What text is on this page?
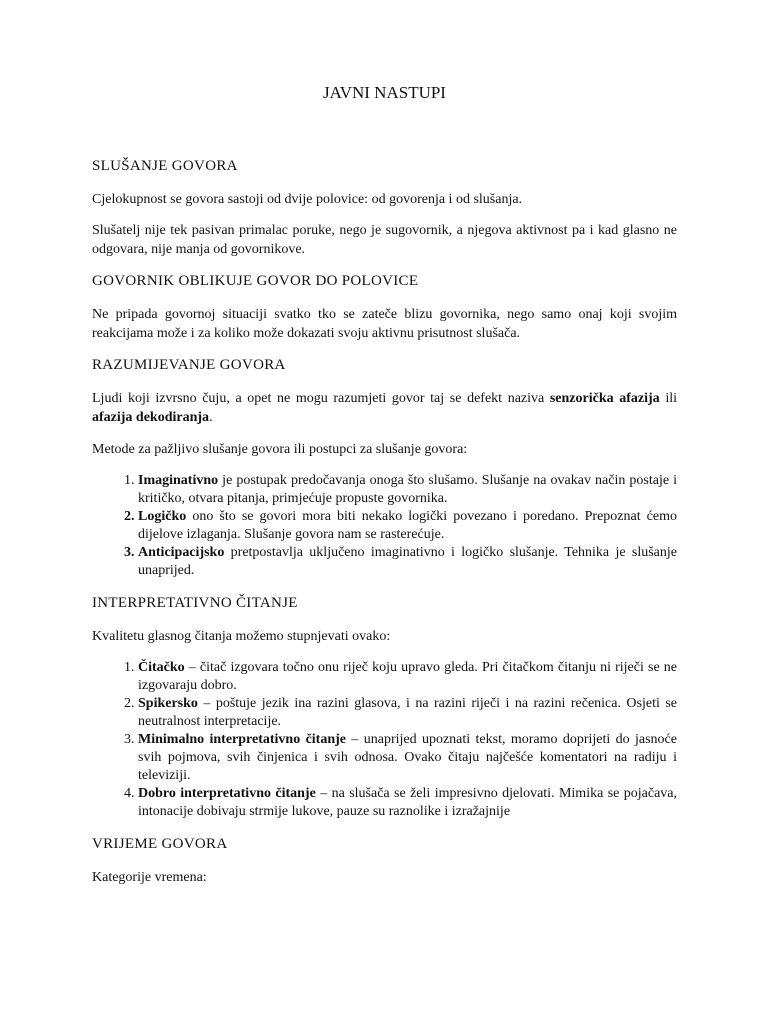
JAVNI NASTUPI
SLUŠANJE GOVORA

Cjelokupnost se govora sastoji od dvije polovice: od govorenja i od slušanja.

Slušatelj nije tek pasivan primalac poruke, nego je sugovornik, a njegova aktivnost pa i kad glasno ne odgovara, nije manja od govornikove.

GOVORNIK OBLIKUJE GOVOR DO POLOVICE

Ne pripada govornoj situaciji svatko tko se zateče blizu govornika, nego samo onaj koji svojim reakcijama može i za koliko može dokazati svoju aktivnu prisutnost slušača.

RAZUMIJEVANJE GOVORA

Ljudi koji izvrsno čuju, a opet ne mogu razumjeti govor taj se defekt naziva senzorička afazija ili afazija dekodiranja.

Metode za pažljivo slušanje govora ili postupci za slušanje govora:

1. Imaginativno je postupak predočavanja onoga što slušamo. Slušanje na ovakav način postaje i kritičko, otvara pitanja, primjećuje propuste govornika.
2. Logičko ono što se govori mora biti nekako logički povezano i poredano. Prepoznat ćemo dijelove izlaganja. Slušanje govora nam se rasterećuje.
3. Anticipacijsko pretpostavlja uključeno imaginativno i logičko slušanje. Tehnika je slušanje unaprijed.
INTERPRETATIVNO ČITANJE

Kvalitetu glasnog čitanja možemo stupnjevati ovako:

1. Čitačko – čitač izgovara točno onu riječ koju upravo gleda. Pri čitačkom čitanju ni riječi se ne izgovaraju dobro.
2. Spikersko – poštuje jezik ina razini glasova, i na razini riječi i na razini rečenica. Osjeti se neutralnost interpretacije.
3. Minimalno interpretativno čitanje – unaprijed upoznati tekst, moramo doprijeti do jasnoće svih pojmova, svih činjenica i svih odnosa. Ovako čitaju najčešće komentatori na radiju i televiziji.
4. Dobro interpretativno čitanje – na slušača se želi impresivno djelovati. Mimika se pojačava, intonacije dobivaju strmije lukove, pauze su raznolike i izražajnije
VRIJEME GOVORA

Kategorije vremena:
